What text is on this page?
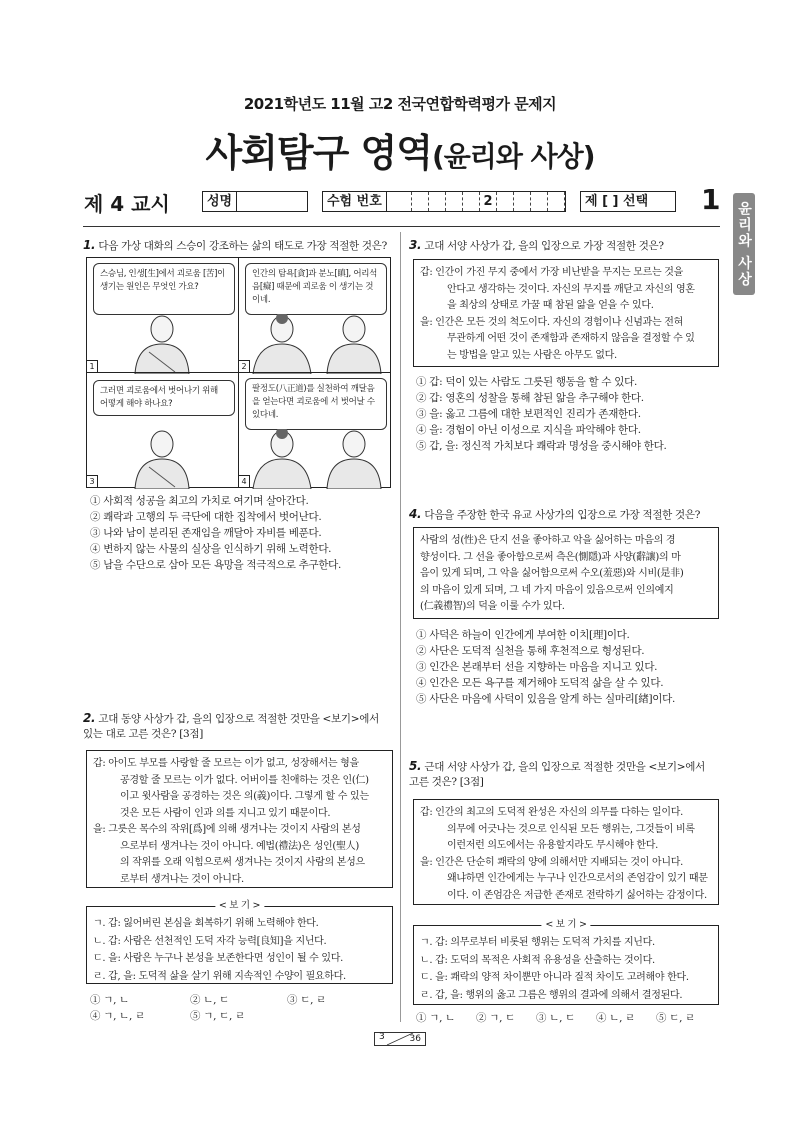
2021학년도 11월 고2 전국연합학력평가 문제지
사회탐구 영역(윤리와 사상)
제 4 교시	성명	수험 번호	2	제 [ ] 선택 1
윤리와 사상
1. 다음 가상 대화의 스승이 강조하는 삶의 태도로 가장 적절한 것은?
스승님, 인생[生]에서 괴로움 [苦]이 생기는 원인은 무엇인 가요?
1
인간의 탐욕[貪]과 분노[瞋], 어리석음[癡] 때문에 괴로움 이 생기는 것이네.
2
그러면 괴로움에서 벗어나기 위해 어떻게 해야 하나요?
3
팔정도(八正道)를 실천하여 깨달음을 얻는다면 괴로움에 서 벗어날 수 있다네.
4
① 사회적 성공을 최고의 가치로 여기며 살아간다.
② 쾌락과 고행의 두 극단에 대한 집착에서 벗어난다.
③ 나와 남이 분리된 존재임을 깨달아 자비를 베푼다.
④ 변하지 않는 사물의 실상을 인식하기 위해 노력한다.
⑤ 남을 수단으로 삼아 모든 욕망을 적극적으로 추구한다.
2. 고대 동양 사상가 갑, 을의 입장으로 적절한 것만을 <보기>에서
있는 대로 고른 것은? [3점]
갑: 아이도 부모를 사랑할 줄 모르는 이가 없고, 성장해서는 형을
공경할 줄 모르는 이가 없다. 어버이를 친애하는 것은 인(仁)
이고 윗사람을 공경하는 것은 의(義)이다. 그렇게 할 수 있는
것은 모든 사람이 인과 의를 지니고 있기 때문이다.
을: 그릇은 목수의 작위[爲]에 의해 생겨나는 것이지 사람의 본성
으로부터 생겨나는 것이 아니다. 예법(禮法)은 성인(聖人)
의 작위를 오래 익힘으로써 생겨나는 것이지 사람의 본성으
로부터 생겨나는 것이 아니다.
< 보 기 >
ㄱ. 갑: 잃어버린 본심을 회복하기 위해 노력해야 한다.
ㄴ. 갑: 사람은 선천적인 도덕 자각 능력[良知]을 지닌다.
ㄷ. 을: 사람은 누구나 본성을 보존한다면 성인이 될 수 있다.
ㄹ. 갑, 을: 도덕적 삶을 살기 위해 지속적인 수양이 필요하다.
① ㄱ, ㄴ	② ㄴ, ㄷ	③ ㄷ, ㄹ
④ ㄱ, ㄴ, ㄹ	⑤ ㄱ, ㄷ, ㄹ
3. 고대 서양 사상가 갑, 을의 입장으로 가장 적절한 것은?
갑: 인간이 가진 무지 중에서 가장 비난받을 무지는 모르는 것을
안다고 생각하는 것이다. 자신의 무지를 깨닫고 자신의 영혼
을 최상의 상태로 가꿀 때 참된 앎을 얻을 수 있다.
을: 인간은 모든 것의 척도이다. 자신의 경험이나 신념과는 전혀
무관하게 어떤 것이 존재함과 존재하지 않음을 결정할 수 있
는 방법을 알고 있는 사람은 아무도 없다.
① 갑: 덕이 있는 사람도 그릇된 행동을 할 수 있다.
② 갑: 영혼의 성찰을 통해 참된 앎을 추구해야 한다.
③ 을: 옳고 그름에 대한 보편적인 진리가 존재한다.
④ 을: 경험이 아닌 이성으로 지식을 파악해야 한다.
⑤ 갑, 을: 정신적 가치보다 쾌락과 명성을 중시해야 한다.
4. 다음을 주장한 한국 유교 사상가의 입장으로 가장 적절한 것은?
사람의 성(性)은 단지 선을 좋아하고 악을 싫어하는 마음의 경
향성이다. 그 선을 좋아함으로써 측은(惻隱)과 사양(辭讓)의 마
음이 있게 되며, 그 악을 싫어함으로써 수오(羞惡)와 시비(是非)
의 마음이 있게 되며, 그 네 가지 마음이 있음으로써 인의예지
(仁義禮智)의 덕을 이룰 수가 있다.
① 사덕은 하늘이 인간에게 부여한 이치[理]이다.
② 사단은 도덕적 실천을 통해 후천적으로 형성된다.
③ 인간은 본래부터 선을 지향하는 마음을 지니고 있다.
④ 인간은 모든 욕구를 제거해야 도덕적 삶을 살 수 있다.
⑤ 사단은 마음에 사덕이 있음을 알게 하는 실마리[緖]이다.
5. 근대 서양 사상가 갑, 을의 입장으로 적절한 것만을 <보기>에서
고른 것은? [3점]
갑: 인간의 최고의 도덕적 완성은 자신의 의무를 다하는 일이다.
의무에 어긋나는 것으로 인식된 모든 행위는, 그것들이 비록
이런저런 의도에서는 유용할지라도 무시해야 한다.
을: 인간은 단순히 쾌락의 양에 의해서만 지배되는 것이 아니다.
왜냐하면 인간에게는 누구나 인간으로서의 존엄감이 있기 때문
이다. 이 존엄감은 저급한 존재로 전락하기 싫어하는 감정이다.
< 보 기 >
ㄱ. 갑: 의무로부터 비롯된 행위는 도덕적 가치를 지닌다.
ㄴ. 갑: 도덕의 목적은 사회적 유용성을 산출하는 것이다.
ㄷ. 을: 쾌락의 양적 차이뿐만 아니라 질적 차이도 고려해야 한다.
ㄹ. 갑, 을: 행위의 옳고 그름은 행위의 결과에 의해서 결정된다.
① ㄱ, ㄴ ② ㄱ, ㄷ ③ ㄴ, ㄷ ④ ㄴ, ㄹ ⑤ ㄷ, ㄹ
3	36
